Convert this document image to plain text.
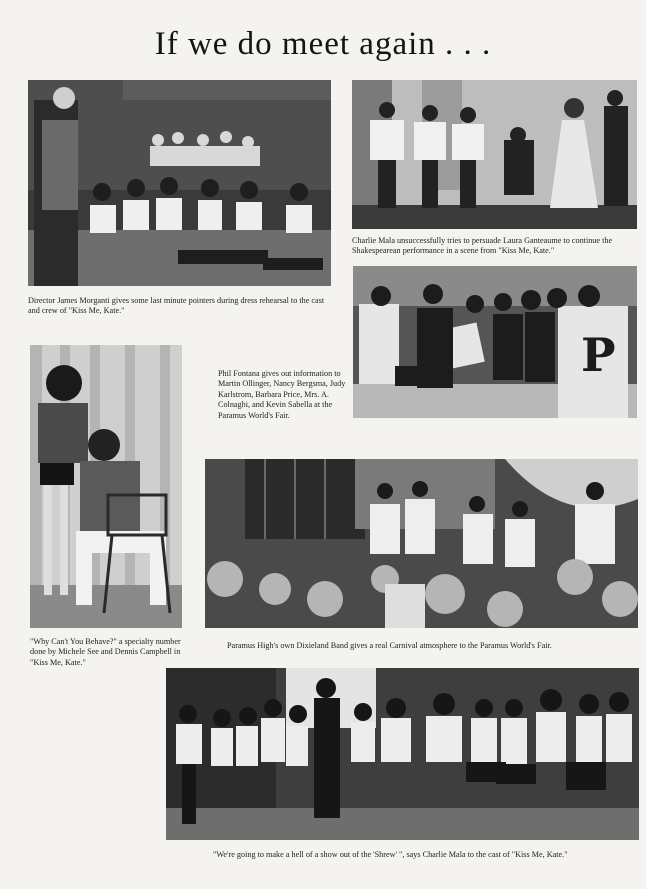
If we do meet again . . .
Director James Morganti gives some last minute pointers during dress rehearsal to the cast and crew of "Kiss Me, Kate."
Charlie Mala unsuccessfully tries to persuade Laura Ganteaume to continue the Shakespearean performance in a scene from "Kiss Me, Kate."
P
Phil Fontana gives out information to Martin Ollinger, Nancy Bergsma, Judy Karlstrom, Barbara Price, Mrs. A. Colnaghi, and Kevin Sabella at the Paramus World's Fair.
"Why Can't You Behave?" a specialty number done by Michele See and Dennis Campbell in "Kiss Me, Kate."
Paramus High's own Dixieland Band gives a real Carnival atmosphere to the Paramus World's Fair.
"We're going to make a hell of a show out of the 'Shrew' ", says Charlie Mala to the cast of "Kiss Me, Kate."
